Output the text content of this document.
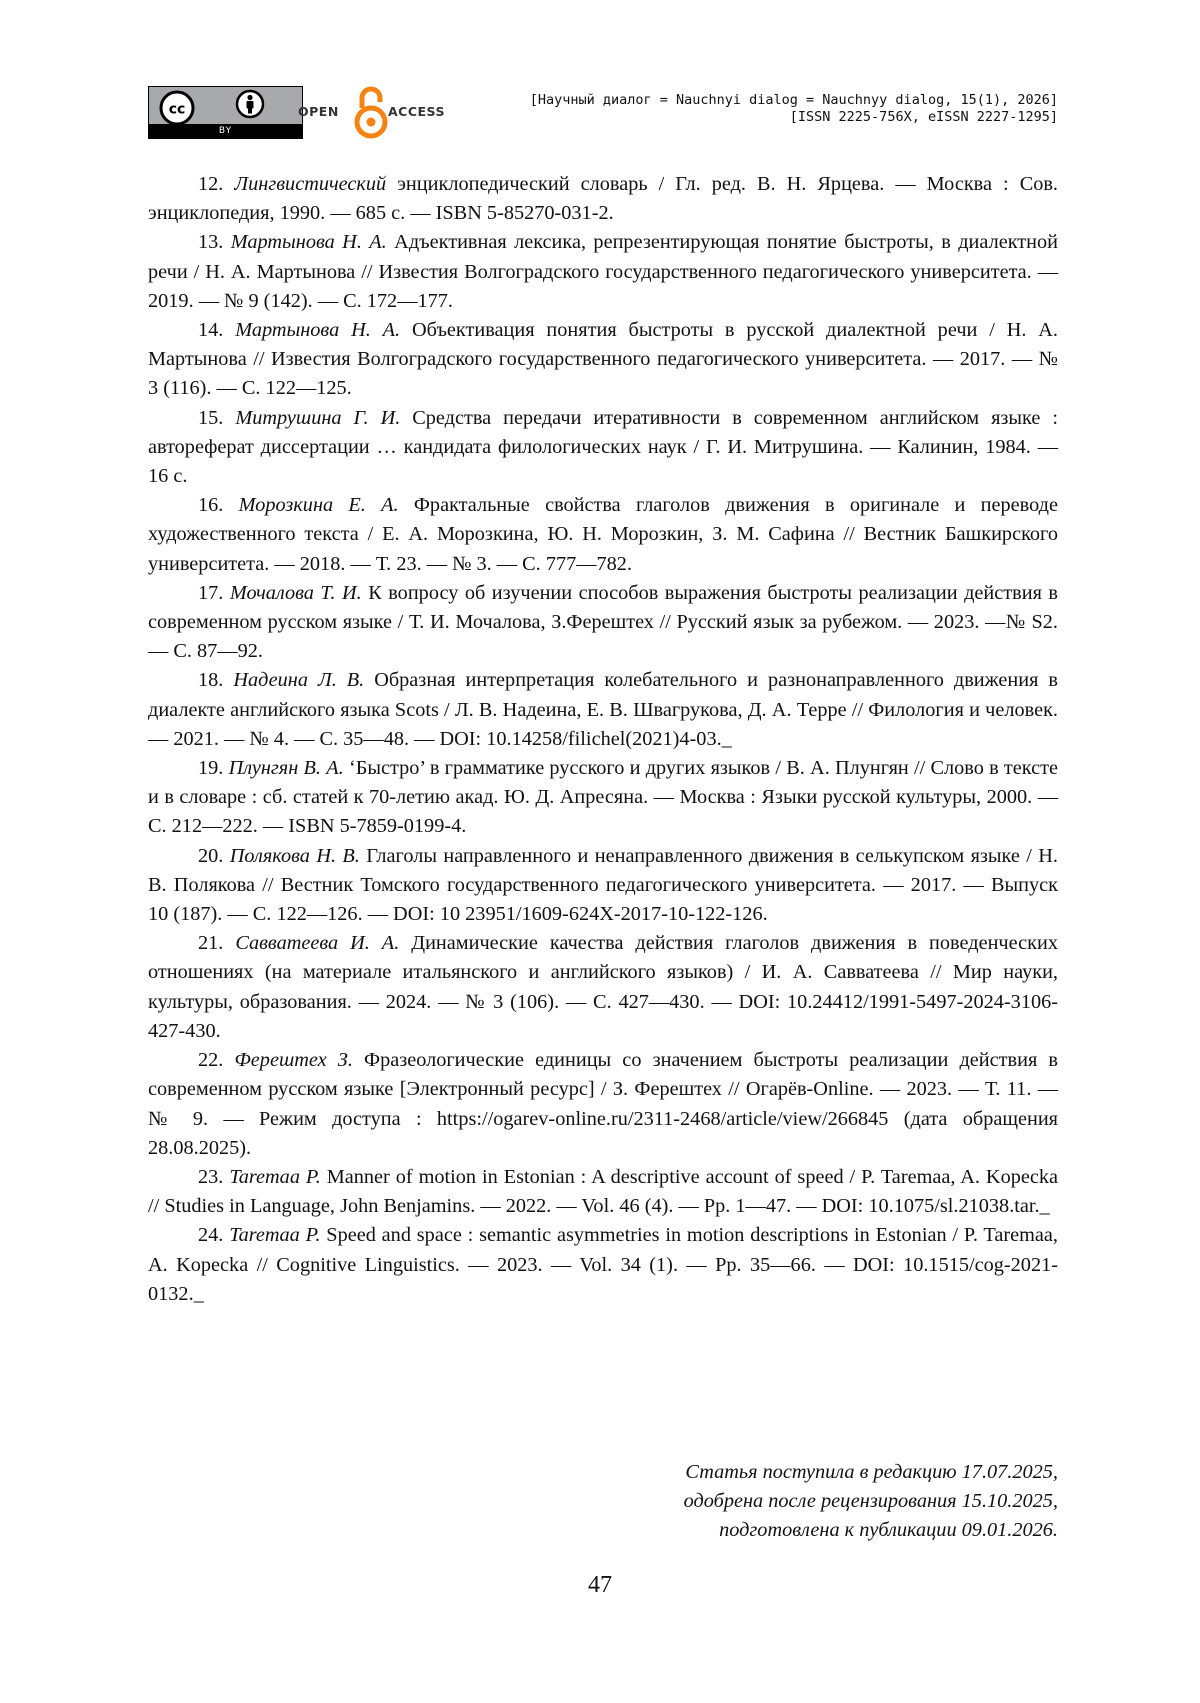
cc
BY
OPEN	ACCESS
[Научный диалог = Nauchnyi dialog = Nauchnyy dialog, 15(1), 2026]
[ISSN 2225-756X, eISSN 2227-1295]

12. Лингвистический энциклопедический словарь / Гл. ред. В. Н. Ярцева. — Москва : Сов. энциклопедия, 1990. — 685 с. — ISBN 5-85270-031-2.

13. Мартынова Н. А. Адъективная лексика, репрезентирующая понятие быстроты, в диалектной речи / Н. А. Мартынова // Известия Волгоградского государственного педагогического университета. — 2019. — № 9 (142). — С. 172—177.

14. Мартынова Н. А. Объективация понятия быстроты в русской диалектной речи / Н. А. Мартынова // Известия Волгоградского государственного педагогического университета. — 2017. — № 3 (116). — С. 122—125.

15. Митрушина Г. И. Средства передачи итеративности в современном английском языке : автореферат диссертации … кандидата филологических наук / Г. И. Митрушина. — Калинин, 1984. — 16 с.

16. Морозкина Е. А. Фрактальные свойства глаголов движения в оригинале и переводе художественного текста / Е. А. Морозкина, Ю. Н. Морозкин, З. М. Сафина // Вестник Башкирского университета. — 2018. — Т. 23. — № 3. — С. 777—782.

17. Мочалова Т. И. К вопросу об изучении способов выражения быстроты реализации действия в современном русском языке / Т. И. Мочалова, З.Ферештех // Русский язык за рубежом. — 2023. —№ S2. — С. 87—92.

18. Надеина Л. В. Образная интерпретация колебательного и разнонаправленного движения в диалекте английского языка Scots / Л. В. Надеина, Е. В. Швагрукова, Д. А. Терре // Филология и человек. — 2021. — № 4. — С. 35—48. — DOI: 10.14258/filichel(2021)4-03._

19. Плунгян В. А. ‘Быстро’ в грамматике русского и других языков / В. А. Плунгян // Слово в тексте и в словаре : сб. статей к 70-летию акад. Ю. Д. Апресяна. — Москва : Языки русской культуры, 2000. — С. 212—222. — ISBN 5-7859-0199-4.

20. Полякова Н. В. Глаголы направленного и ненаправленного движения в селькупском языке / Н. В. Полякова // Вестник Томского государственного педагогического университета. — 2017. — Выпуск 10 (187). — С. 122—126. — DOI: 10 23951/1609-624X-2017-10-122-126.

21. Савватеева И. А. Динамические качества действия глаголов движения в поведенческих отношениях (на материале итальянского и английского языков) / И. А. Савватеева // Мир науки, культуры, образования. — 2024. — № 3 (106). — С. 427—430. — DOI: 10.24412/1991-5497-2024-3106-427-430.

22. Ферештех З. Фразеологические единицы со значением быстроты реализации действия в современном русском языке [Электронный ресурс] / З. Ферештех // Огарёв-Online. — 2023. — Т. 11. — № 9. — Режим доступа : https://ogarev-online.ru/2311-2468/article/view/266845 (дата обращения 28.08.2025).

23. Taremaa P. Manner of motion in Estonian : A descriptive account of speed / P. Taremaa, A. Kopecka // Studies in Language, John Benjamins. — 2022. — Vol. 46 (4). — Pp. 1—47. — DOI: 10.1075/sl.21038.tar._

24. Taremaa P. Speed and space : semantic asymmetries in motion descriptions in Estonian / P. Taremaa, A. Kopecka // Cognitive Linguistics. — 2023. — Vol. 34 (1). — Pp. 35—66. — DOI: 10.1515/cog-2021-0132._

Статья поступила в редакцию 17.07.2025,
одобрена после рецензирования 15.10.2025,
подготовлена к публикации 09.01.2026.
47
